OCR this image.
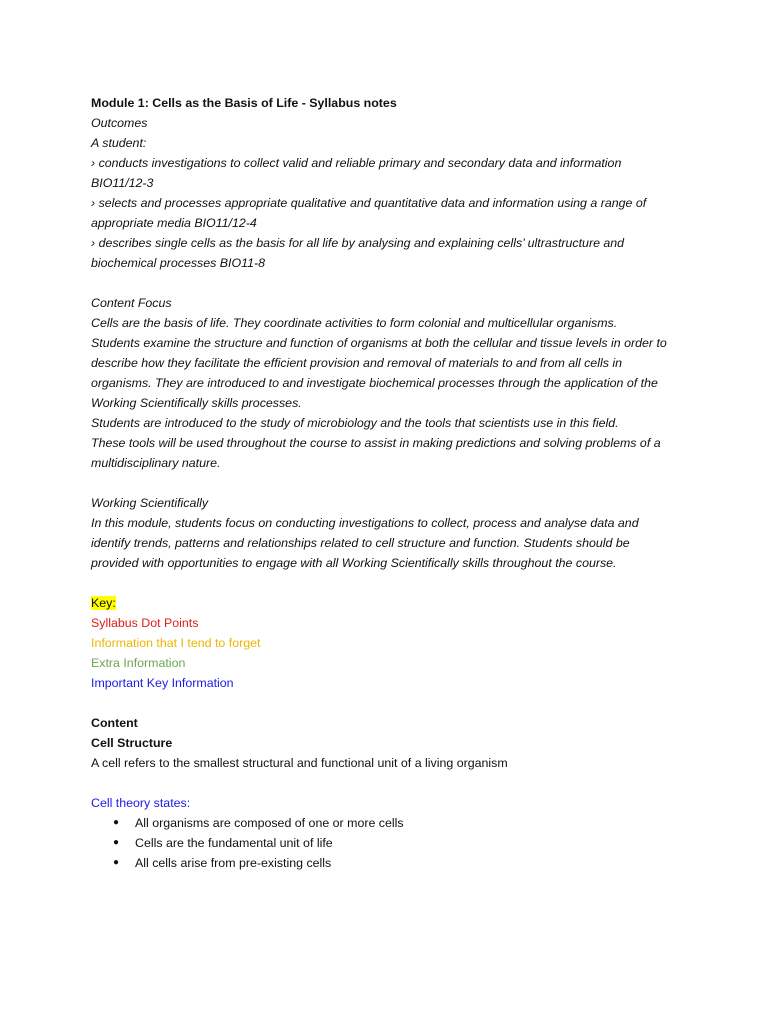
Module 1: Cells as the Basis of Life - Syllabus notes
Outcomes
A student:
› conducts investigations to collect valid and reliable primary and secondary data and information
BIO11/12-3
› selects and processes appropriate qualitative and quantitative data and information using a range of
appropriate media BIO11/12-4
› describes single cells as the basis for all life by analysing and explaining cells’ ultrastructure and
biochemical processes BIO11-8
Content Focus
Cells are the basis of life. They coordinate activities to form colonial and multicellular organisms.
Students examine the structure and function of organisms at both the cellular and tissue levels in order to
describe how they facilitate the efficient provision and removal of materials to and from all cells in
organisms. They are introduced to and investigate biochemical processes through the application of the
Working Scientifically skills processes.
Students are introduced to the study of microbiology and the tools that scientists use in this field.
These tools will be used throughout the course to assist in making predictions and solving problems of a
multidisciplinary nature.
Working Scientifically
In this module, students focus on conducting investigations to collect, process and analyse data and
identify trends, patterns and relationships related to cell structure and function. Students should be
provided with opportunities to engage with all Working Scientifically skills throughout the course.
Key:
Syllabus Dot Points
Information that I tend to forget
Extra Information
Important Key Information
Content
Cell Structure
A cell refers to the smallest structural and functional unit of a living organism
Cell theory states:
● All organisms are composed of one or more cells
● Cells are the fundamental unit of life
● All cells arise from pre-existing cells
